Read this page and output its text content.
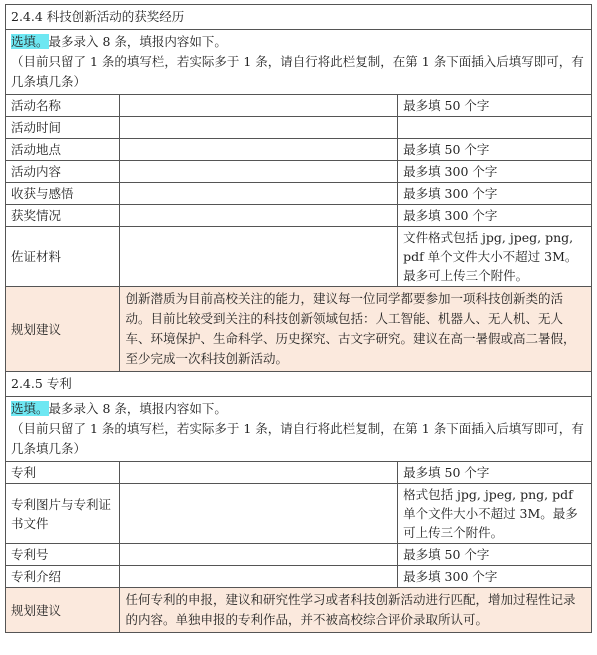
2.4.4 科技创新活动的获奖经历		
选填。最多录入 8 条，填报内容如下。
（目前只留了 1 条的填写栏，若实际多于 1 条，请自行将此栏复制，在第 1 条下面插入后填写即可，有几条填几条）		
活动名称		最多填 50 个字
活动时间		
活动地点		最多填 50 个字
活动内容		最多填 300 个字
收获与感悟		最多填 300 个字
获奖情况		最多填 300 个字
佐证材料		文件格式包括 jpg, jpeg, png, pdf 单个文件大小不超过 3M。最多可上传三个附件。
规划建议	创新潜质为目前高校关注的能力，建议每一位同学都要参加一项科技创新类的活动。目前比较受到关注的科技创新领域包括：人工智能、机器人、无人机、无人车、环境保护、生命科学、历史探究、古文字研究。建议在高一暑假或高二暑假，至少完成一次科技创新活动。	
2.4.5 专利		
选填。最多录入 8 条，填报内容如下。
（目前只留了 1 条的填写栏，若实际多于 1 条，请自行将此栏复制，在第 1 条下面插入后填写即可，有几条填几条）		
专利		最多填 50 个字
专利图片与专利证书文件		格式包括 jpg, jpeg, png, pdf 单个文件大小不超过 3M。最多可上传三个附件。
专利号		最多填 50 个字
专利介绍		最多填 300 个字
规划建议	任何专利的申报，建议和研究性学习或者科技创新活动进行匹配，增加过程性记录的内容。单独申报的专利作品，并不被高校综合评价录取所认可。	
